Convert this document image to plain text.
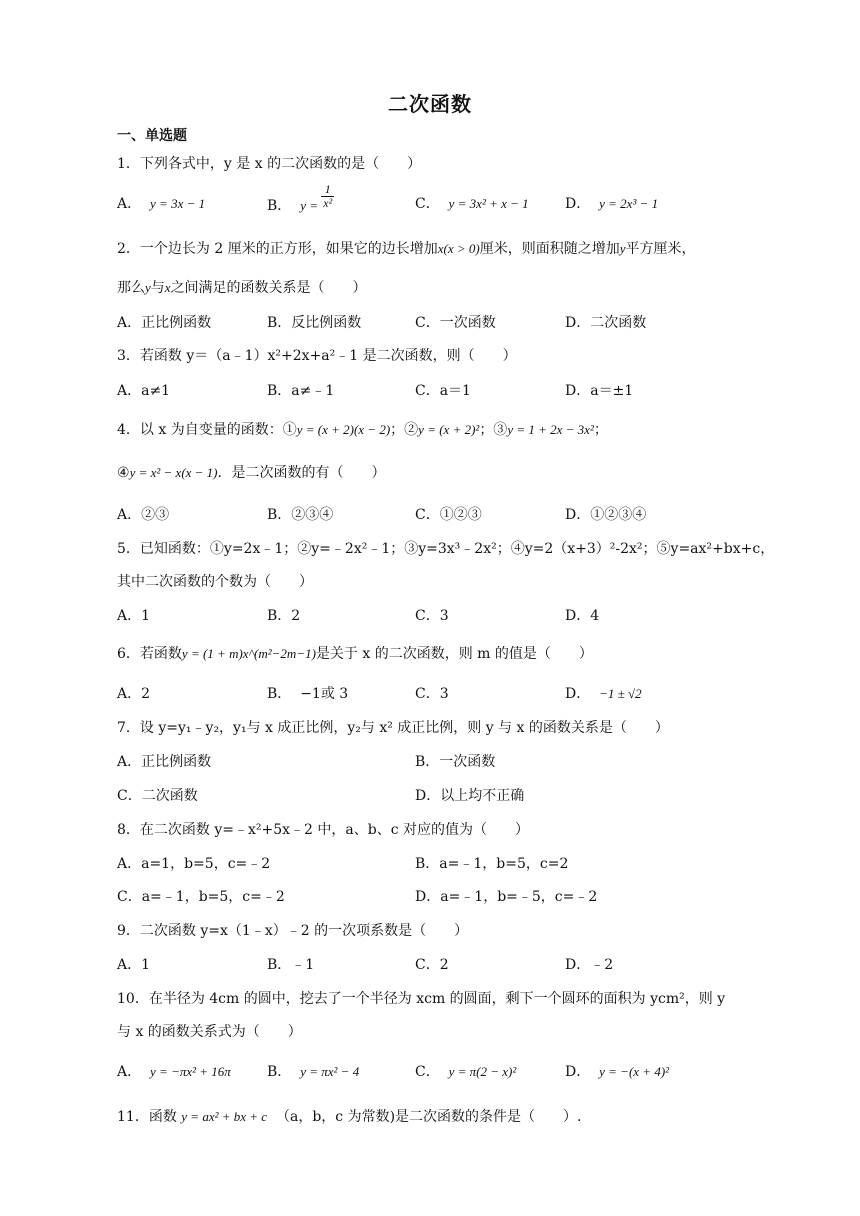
二次函数
一、单选题
1．下列各式中，y 是 x 的二次函数的是（　　）
A． y = 3x − 1	B． $y = \frac{1}{\text{x²}}$	C． y = 3x² + x − 1	D． y = 2x³ − 1
2．一个边长为 2 厘米的正方形，如果它的边长增加x(x > 0)厘米，则面积随之增加y平方厘米，
那么y与x之间满足的函数关系是（　　）
A．正比例函数	B．反比例函数	C．一次函数	D．二次函数
3．若函数 y＝（a﹣1）x²+2x+a²﹣1 是二次函数，则（　　）
A．a≠1	B．a≠﹣1	C．a＝1	D．a＝±1
4．以 x 为自变量的函数：①y = (x + 2)(x − 2)；②y = (x + 2)²；③y = 1 + 2x − 3x²；
④y = x² − x(x − 1)．是二次函数的有（　　）
A．②③	B．②③④	C．①②③	D．①②③④
5．已知函数：①y=2x﹣1；②y=﹣2x²﹣1；③y=3x³﹣2x²；④y=2（x+3）²-2x²；⑤y=ax²+bx+c，
其中二次函数的个数为（　　）
A．1	B．2	C．3	D．4
6．若函数y = (1 + m)x^(m²−2m−1)是关于 x 的二次函数，则 m 的值是（　　）
A．2	B． −1或 3	C．3	D． −1 ± √2
7．设 y=y₁﹣y₂，y₁与 x 成正比例，y₂与 x² 成正比例，则 y 与 x 的函数关系是（　　）
A．正比例函数	B．一次函数
C．二次函数	D．以上均不正确
8．在二次函数 y=﹣x²+5x﹣2 中，a、b、c 对应的值为（　　）
A．a=1，b=5，c=﹣2	B．a=﹣1，b=5，c=2
C．a=﹣1，b=5，c=﹣2	D．a=﹣1，b=﹣5，c=﹣2
9．二次函数 y=x（1﹣x）﹣2 的一次项系数是（　　）
A．1	B．﹣1	C．2	D．﹣2
10．在半径为 4cm 的圆中，挖去了一个半径为 xcm 的圆面，剩下一个圆环的面积为 ycm²，则 y
与 x 的函数关系式为（　　）
A． y = −πx² + 16π	B． y = πx² − 4	C． y = π(2 − x)²	D． y = −(x + 4)²
11．函数 y = ax² + bx + c （a，b，c 为常数)是二次函数的条件是（　　）.
